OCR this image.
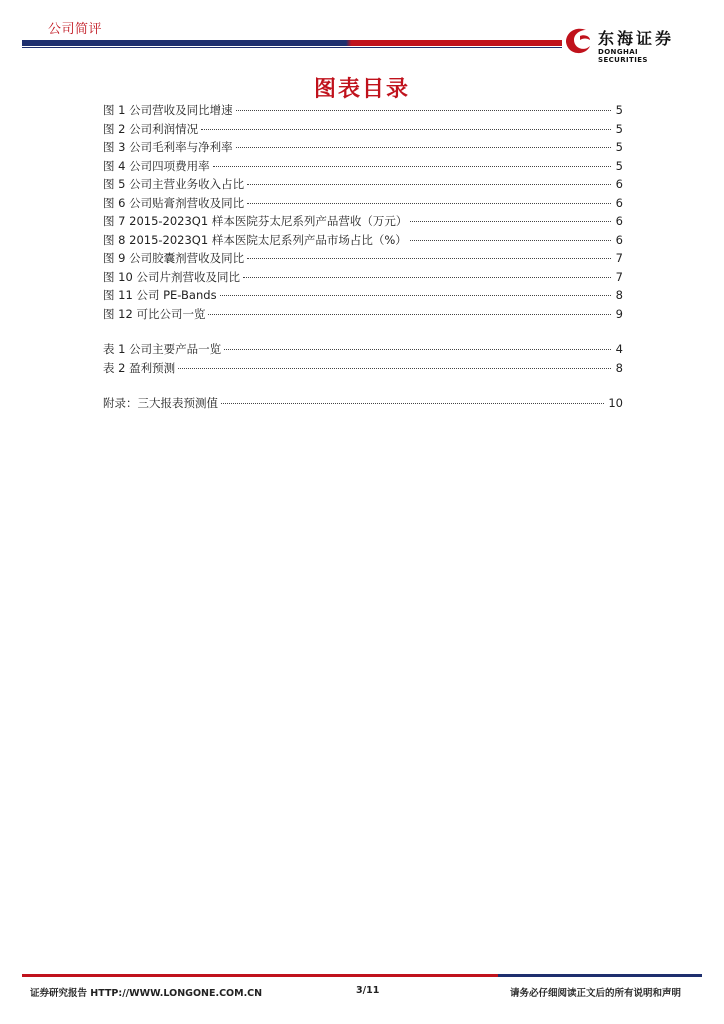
公司简评	东海证券
DONGHAI SECURITIES
图表目录
图 1 公司营收及同比增速	5
图 2 公司利润情况	5
图 3 公司毛利率与净利率	5
图 4 公司四项费用率	5
图 5 公司主营业务收入占比	6
图 6 公司贴膏剂营收及同比	6
图 7 2015-2023Q1 样本医院芬太尼系列产品营收（万元）	6
图 8 2015-2023Q1 样本医院太尼系列产品市场占比（%）	6
图 9 公司胶囊剂营收及同比	7
图 10 公司片剂营收及同比	7
图 11 公司 PE-Bands	8
图 12 可比公司一览	9
表 1 公司主要产品一览	4
表 2 盈利预测	8
附录：三大报表预测值	10
证券研究报告 HTTP://WWW.LONGONE.COM.CN	3/11	请务必仔细阅读正文后的所有说明和声明
